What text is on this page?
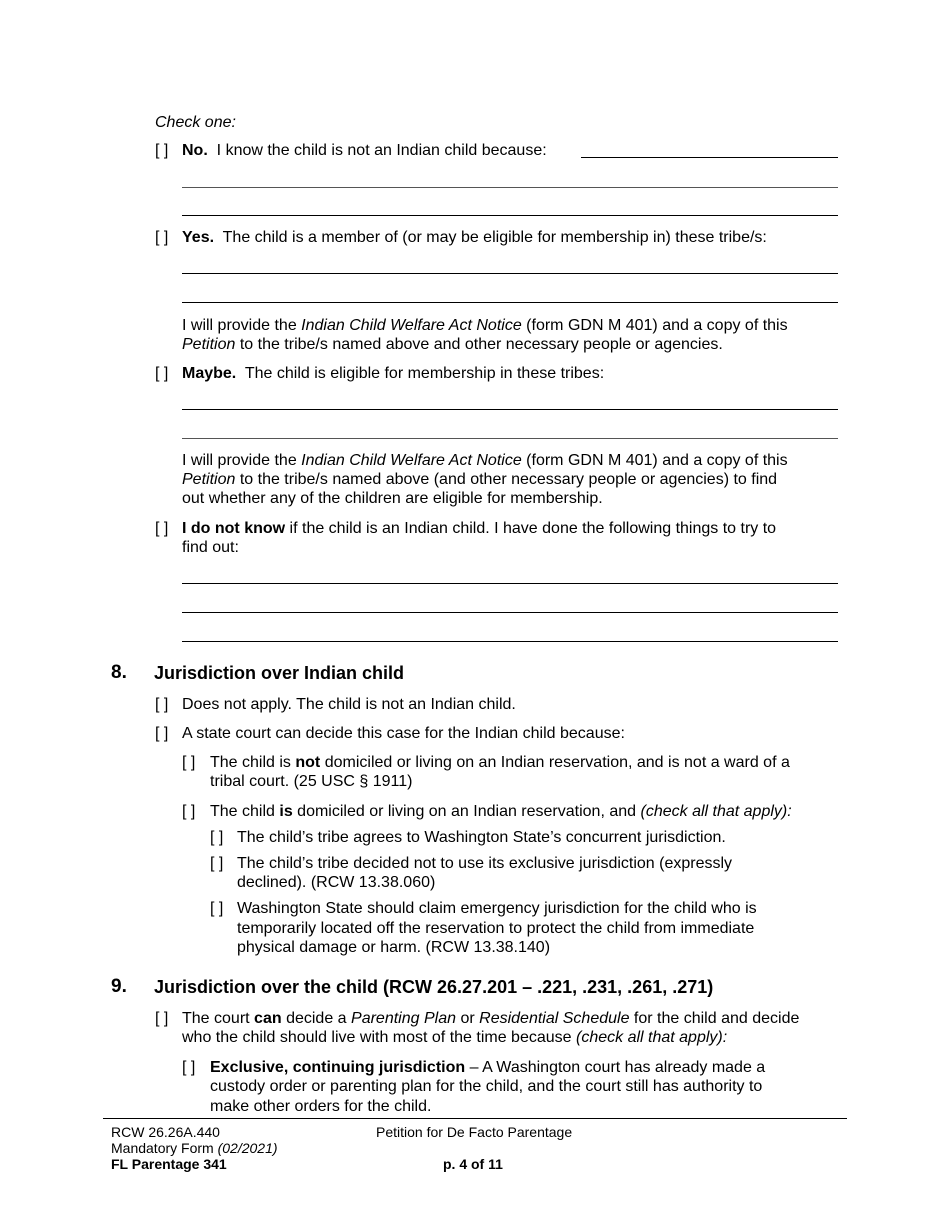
Check one:
[ ] No. I know the child is not an Indian child because:
[ ] Yes. The child is a member of (or may be eligible for membership in) these tribe/s:
I will provide the Indian Child Welfare Act Notice (form GDN M 401) and a copy of this
Petition to the tribe/s named above and other necessary people or agencies.
[ ] Maybe. The child is eligible for membership in these tribes:
I will provide the Indian Child Welfare Act Notice (form GDN M 401) and a copy of this
Petition to the tribe/s named above (and other necessary people or agencies) to find
out whether any of the children are eligible for membership.
[ ] I do not know if the child is an Indian child. I have done the following things to try to
find out:
8. Jurisdiction over Indian child
[ ] Does not apply. The child is not an Indian child.
[ ] A state court can decide this case for the Indian child because:
[ ] The child is not domiciled or living on an Indian reservation, and is not a ward of a
tribal court. (25 USC § 1911)
[ ] The child is domiciled or living on an Indian reservation, and (check all that apply):
[ ] The child’s tribe agrees to Washington State’s concurrent jurisdiction.
[ ] The child’s tribe decided not to use its exclusive jurisdiction (expressly
declined). (RCW 13.38.060)
[ ] Washington State should claim emergency jurisdiction for the child who is
temporarily located off the reservation to protect the child from immediate
physical damage or harm. (RCW 13.38.140)
9. Jurisdiction over the child (RCW 26.27.201 – .221, .231, .261, .271)
[ ] The court can decide a Parenting Plan or Residential Schedule for the child and decide
who the child should live with most of the time because (check all that apply):
[ ] Exclusive, continuing jurisdiction – A Washington court has already made a
custody order or parenting plan for the child, and the court still has authority to
make other orders for the child.
RCW 26.26A.440
Mandatory Form (02/2021)
FL Parentage 341
Petition for De Facto Parentage
p. 4 of 11
